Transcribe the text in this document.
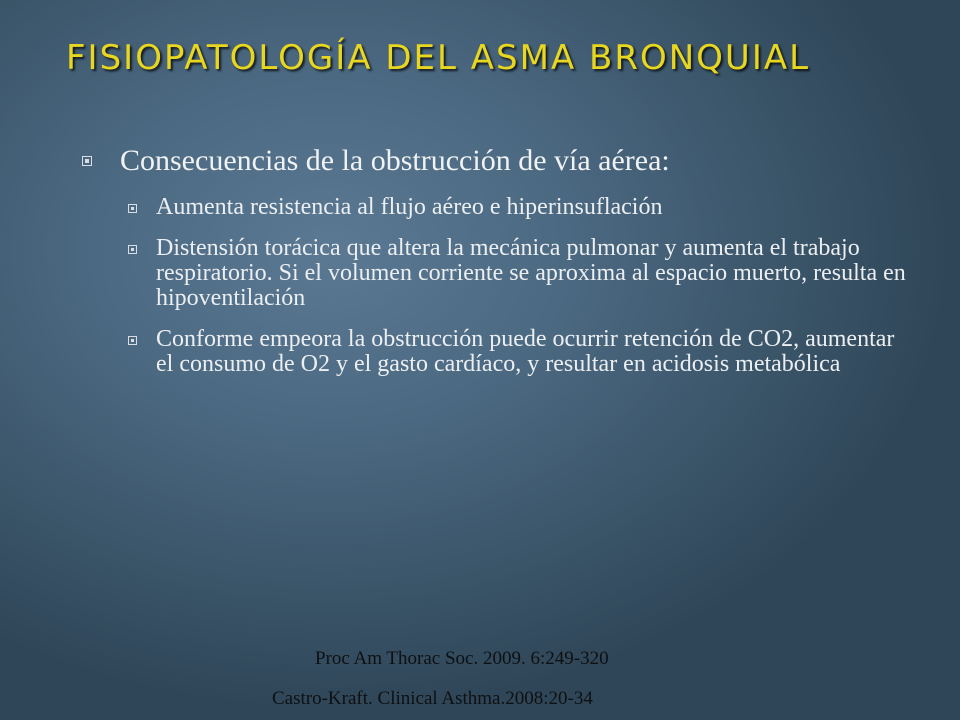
FISIOPATOLOGÍA DEL ASMA BRONQUIAL
Consecuencias de la obstrucción de vía aérea:
Aumenta resistencia al flujo aéreo e hiperinsuflación
Distensión torácica que altera la mecánica pulmonar y aumenta el trabajo respiratorio. Si el volumen corriente se aproxima al espacio muerto, resulta en hipoventilación
Conforme empeora la obstrucción puede ocurrir retención de CO2, aumentar el consumo de O2 y el gasto cardíaco, y resultar en acidosis metabólica
Proc Am Thorac Soc. 2009. 6:249-320
Castro-Kraft. Clinical Asthma.2008:20-34
